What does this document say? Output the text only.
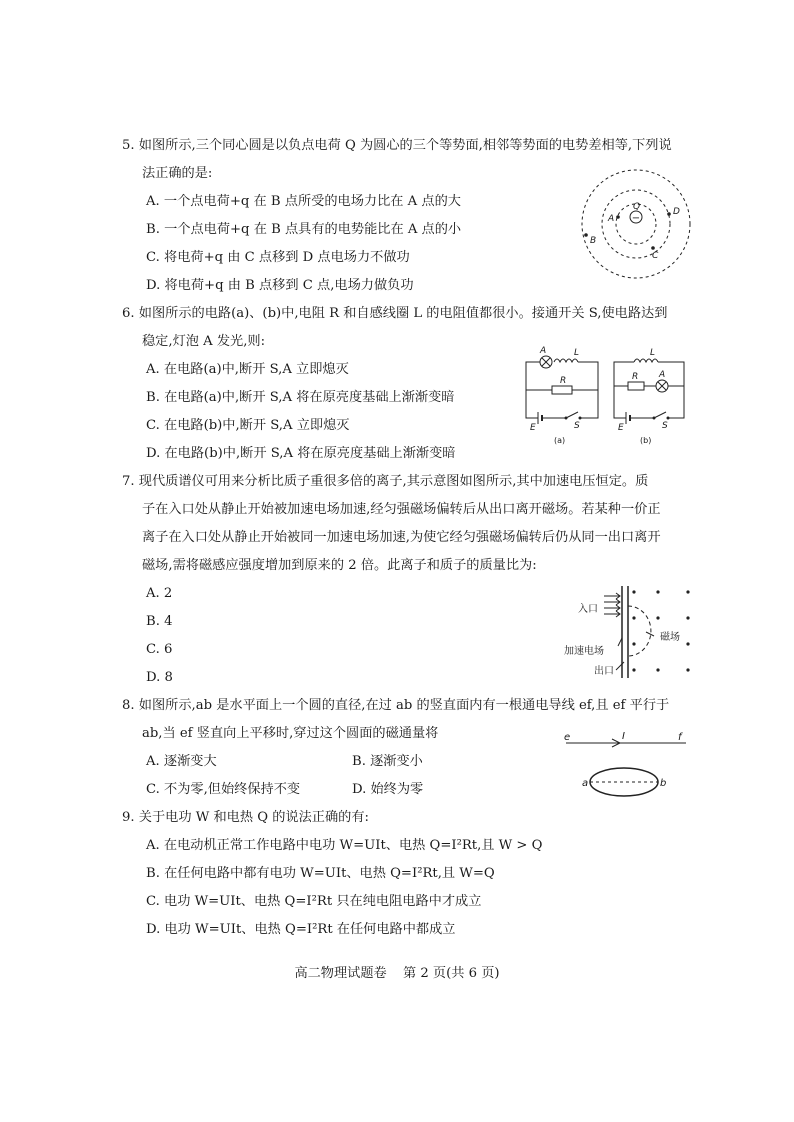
5. 如图所示,三个同心圆是以负点电荷 Q 为圆心的三个等势面,相邻等势面的电势差相等,下列说
法正确的是:
A. 一个点电荷+q 在 B 点所受的电场力比在 A 点的大
B. 一个点电荷+q 在 B 点具有的电势能比在 A 点的小
C. 将电荷+q 由 C 点移到 D 点电场力不做功
D. 将电荷+q 由 B 点移到 C 点,电场力做负功
−
Q
A
D
B
C
6. 如图所示的电路(a)、(b)中,电阻 R 和自感线圈 L 的电阻值都很小。接通开关 S,使电路达到
稳定,灯泡 A 发光,则:
A. 在电路(a)中,断开 S,A 立即熄灭
B. 在电路(a)中,断开 S,A 将在原亮度基础上渐渐变暗
C. 在电路(b)中,断开 S,A 立即熄灭
D. 在电路(b)中,断开 S,A 将在原亮度基础上渐渐变暗
A	L
R
E	S
(a)
L
R A
E	S
(b)
7. 现代质谱仪可用来分析比质子重很多倍的离子,其示意图如图所示,其中加速电压恒定。质
子在入口处从静止开始被加速电场加速,经匀强磁场偏转后从出口离开磁场。若某种一价正
离子在入口处从静止开始被同一加速电场加速,为使它经匀强磁场偏转后仍从同一出口离开
磁场,需将磁感应强度增加到原来的 2 倍。此离子和质子的质量比为:
A. 2
B. 4
C. 6
D. 8
入口
磁场
加速电场
出口
8. 如图所示,ab 是水平面上一个圆的直径,在过 ab 的竖直面内有一根通电导线 ef,且 ef 平行于
ab,当 ef 竖直向上平移时,穿过这个圆面的磁通量将
A. 逐渐变大	B. 逐渐变小
C. 不为零,但始终保持不变	D. 始终为零
e	I	f
a	b
9. 关于电功 W 和电热 Q 的说法正确的有:
A. 在电动机正常工作电路中电功 W=UIt、电热 Q=I²Rt,且 W > Q
B. 在任何电路中都有电功 W=UIt、电热 Q=I²Rt,且 W=Q
C. 电功 W=UIt、电热 Q=I²Rt 只在纯电阻电路中才成立
D. 电功 W=UIt、电热 Q=I²Rt 在任何电路中都成立
高二物理试题卷 第 2 页(共 6 页)
